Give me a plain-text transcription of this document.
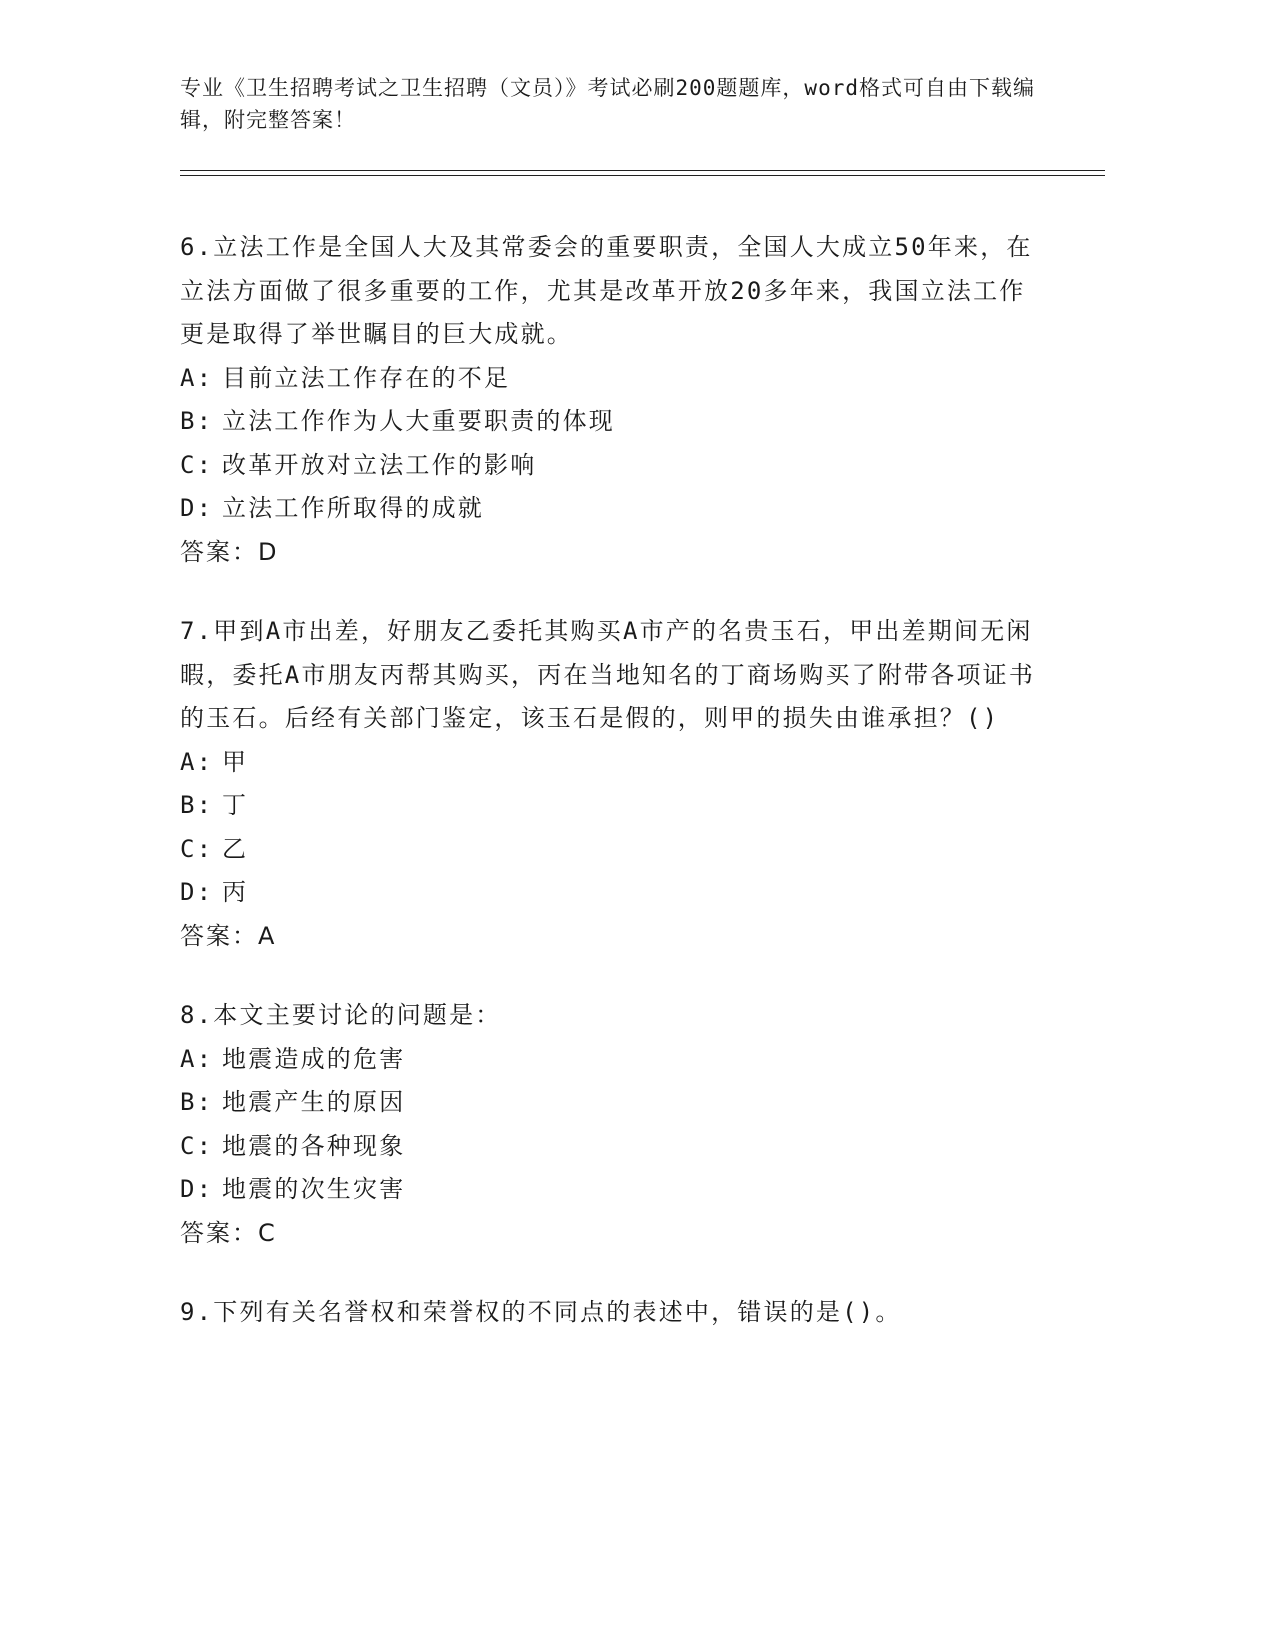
专业《卫生招聘考试之卫生招聘（文员）》考试必刷200题题库，word格式可自由下载编辑，附完整答案！
6.立法工作是全国人大及其常委会的重要职责，全国人大成立50年来，在立法方面做了很多重要的工作，尤其是改革开放20多年来，我国立法工作更是取得了举世瞩目的巨大成就。
A: 目前立法工作存在的不足
B: 立法工作作为人大重要职责的体现
C: 改革开放对立法工作的影响
D: 立法工作所取得的成就
答案：D
7.甲到A市出差，好朋友乙委托其购买A市产的名贵玉石，甲出差期间无闲暇，委托A市朋友丙帮其购买，丙在当地知名的丁商场购买了附带各项证书的玉石。后经有关部门鉴定，该玉石是假的，则甲的损失由谁承担？()
A: 甲
B: 丁
C: 乙
D: 丙
答案：A
8.本文主要讨论的问题是：
A: 地震造成的危害
B: 地震产生的原因
C: 地震的各种现象
D: 地震的次生灾害
答案：C
9.下列有关名誉权和荣誉权的不同点的表述中，错误的是()。
